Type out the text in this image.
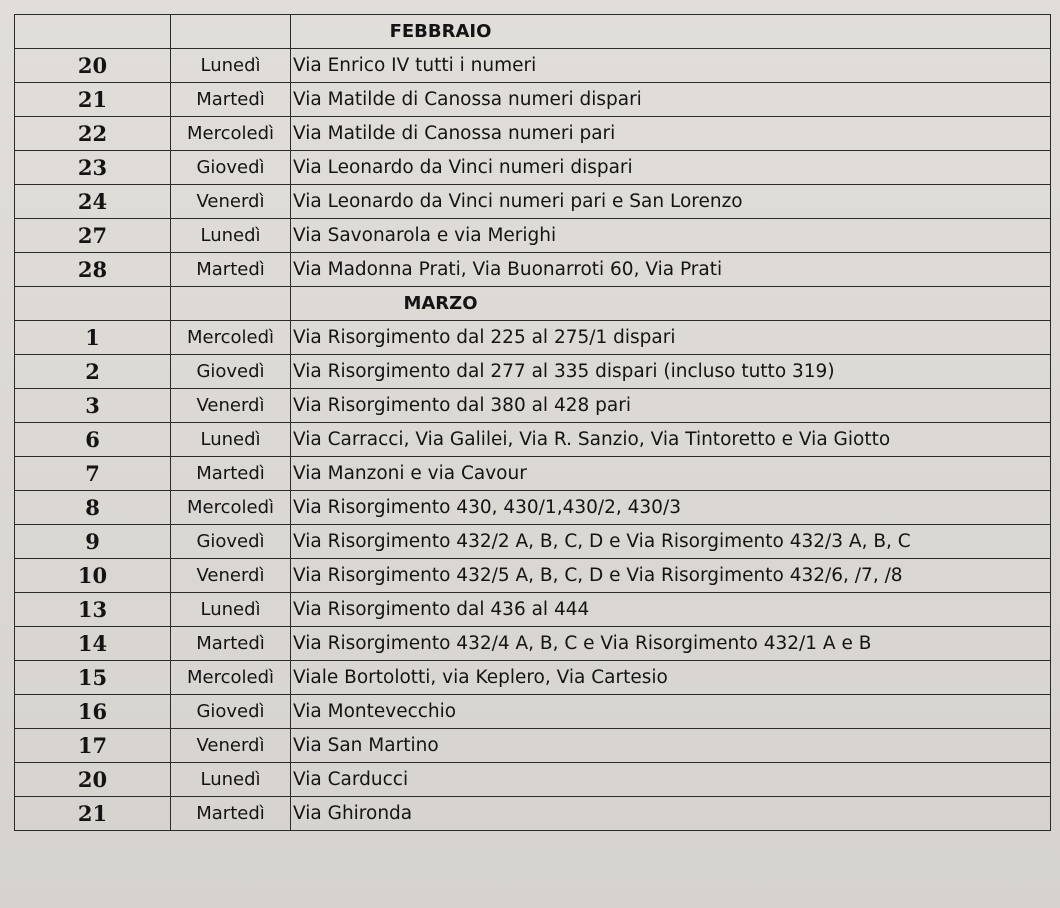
		FEBBRAIO
20	Lunedì	Via Enrico IV tutti i numeri
21	Martedì	Via Matilde di Canossa numeri dispari
22	Mercoledì	Via Matilde di Canossa numeri pari
23	Giovedì	Via Leonardo da Vinci numeri dispari
24	Venerdì	Via Leonardo da Vinci numeri pari e San Lorenzo
27	Lunedì	Via Savonarola e via Merighi
28	Martedì	Via Madonna Prati, Via Buonarroti 60, Via Prati
		MARZO
1	Mercoledì	Via Risorgimento dal 225 al 275/1 dispari
2	Giovedì	Via Risorgimento dal 277 al 335 dispari (incluso tutto 319)
3	Venerdì	Via Risorgimento dal 380 al 428 pari
6	Lunedì	Via Carracci, Via Galilei, Via R. Sanzio, Via Tintoretto e Via Giotto
7	Martedì	Via Manzoni e via Cavour
8	Mercoledì	Via Risorgimento 430, 430/1,430/2, 430/3
9	Giovedì	Via Risorgimento 432/2 A, B, C, D e Via Risorgimento 432/3 A, B, C
10	Venerdì	Via Risorgimento 432/5 A, B, C, D e Via Risorgimento 432/6, /7, /8
13	Lunedì	Via Risorgimento dal 436 al 444
14	Martedì	Via Risorgimento 432/4 A, B, C e Via Risorgimento 432/1 A e B
15	Mercoledì	Viale Bortolotti, via Keplero, Via Cartesio
16	Giovedì	Via Montevecchio
17	Venerdì	Via San Martino
20	Lunedì	Via Carducci
21	Martedì	Via Ghironda
